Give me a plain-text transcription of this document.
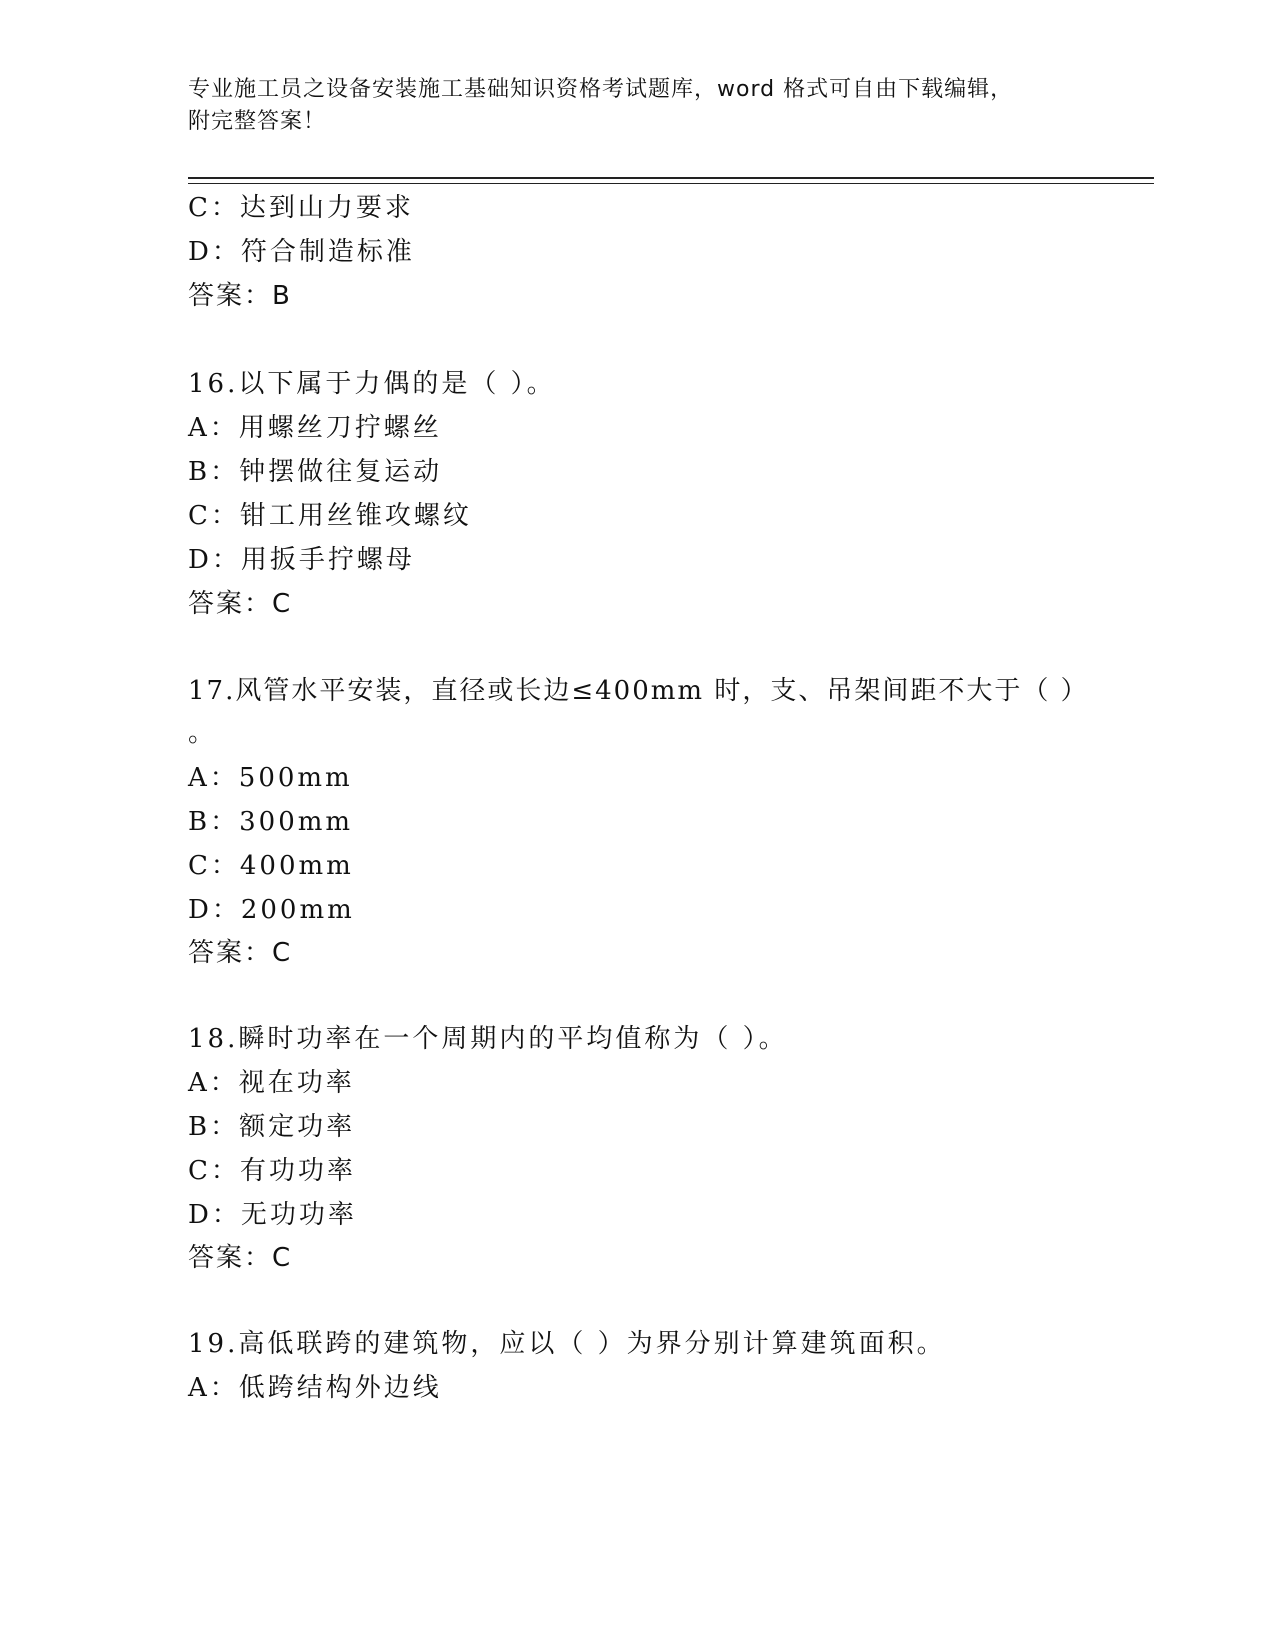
专业施工员之设备安装施工基础知识资格考试题库，word 格式可自由下载编辑，
附完整答案！
C：达到山力要求
D：符合制造标准
答案：B
16.以下属于力偶的是（ ）。
A：用螺丝刀拧螺丝
B：钟摆做往复运动
C：钳工用丝锥攻螺纹
D：用扳手拧螺母
答案：C
17.风管水平安装，直径或长边≤400mm 时，支、吊架间距不大于（ ）
。
A：500mm
B：300mm
C：400mm
D：200mm
答案：C
18.瞬时功率在一个周期内的平均值称为（ ）。
A：视在功率
B：额定功率
C：有功功率
D：无功功率
答案：C
19.高低联跨的建筑物，应以（ ）为界分别计算建筑面积。
A：低跨结构外边线
